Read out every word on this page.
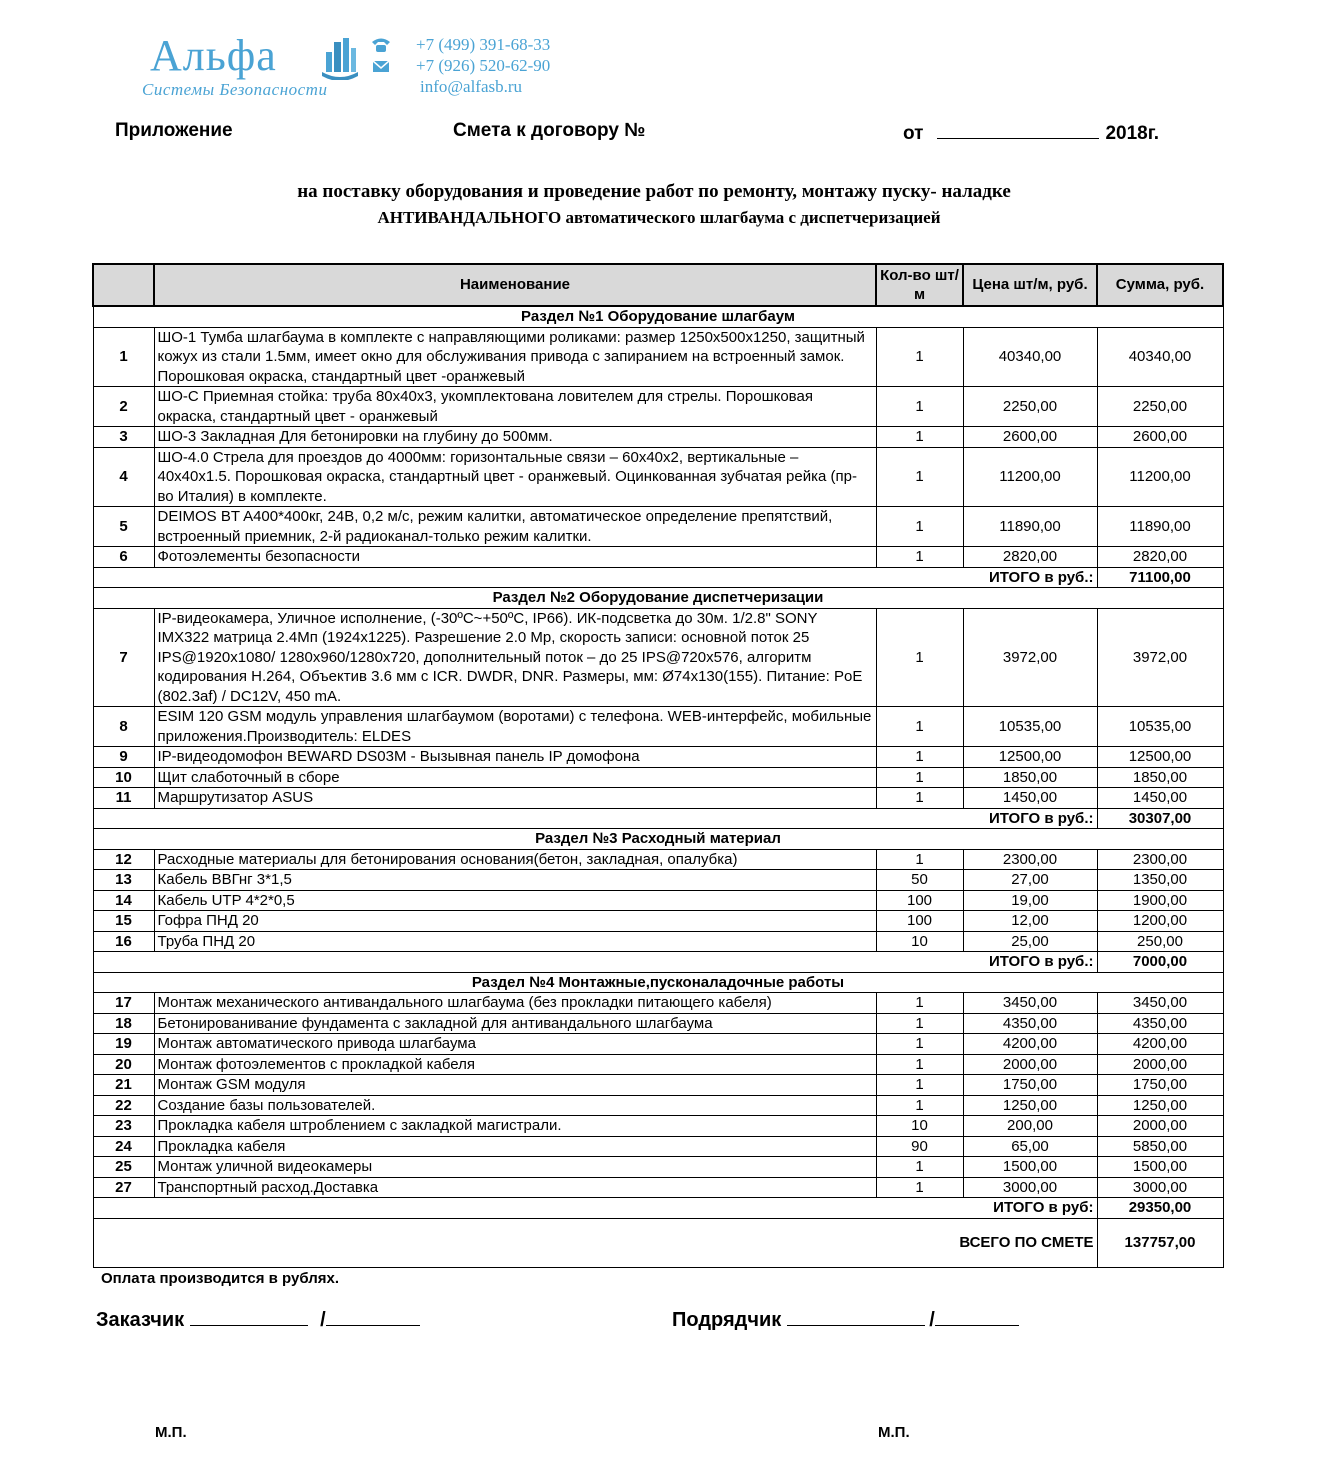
Альфа
Системы Безопасности
+7 (499) 391-68-33
+7 (926) 520-62-90
info@alfasb.ru
Приложение	Смета к договору №	от	2018г.
на поставку оборудования и проведение работ по ремонту, монтажу пуску- наладке
АНТИВАНДАЛЬНОГО автоматического шлагбаума с диспетчеризацией
	Наименование	Кол-во шт/м	Цена шт/м, руб.	Сумма, руб.
Раздел №1 Оборудование шлагбаум				
1	ШО-1 Тумба шлагбаума в комплекте с направляющими роликами: размер 1250х500х1250, защитный кожух из стали 1.5мм, имеет окно для обслуживания привода с запиранием на встроенный замок. Порошковая окраска, стандартный цвет -оранжевый	1	40340,00	40340,00
2	ШО-С Приемная стойка: труба 80х40х3, укомплектована ловителем для стрелы. Порошковая окраска, стандартный цвет - оранжевый	1	2250,00	2250,00
3	ШО-3 Закладная Для бетонировки на глубину до 500мм.	1	2600,00	2600,00
4	ШО-4.0 Стрела для проездов до 4000мм: горизонтальные связи – 60х40х2, вертикальные – 40х40х1.5. Порошковая окраска, стандартный цвет - оранжевый. Оцинкованная зубчатая рейка (пр-во Италия) в комплекте.	1	11200,00	11200,00
5	DEIMOS BT A400*400кг, 24В, 0,2 м/с, режим калитки, автоматическое определение препятствий, встроенный приемник, 2-й радиоканал-только режим калитки.	1	11890,00	11890,00
6	Фотоэлементы безопасности	1	2820,00	2820,00
ИТОГО в руб.:				71100,00
Раздел №2 Оборудование диспетчеризации				
7	IP-видеокамера, Уличное исполнение, (-30ºС~+50ºС, IP66). ИК-подсветка до 30м. 1/2.8" SONY IMX322 матрица 2.4Мп (1924x1225). Разрешение 2.0 Mp, скорость записи: основной поток 25 IPS@1920x1080/ 1280x960/1280x720, дополнительный поток – до 25 IPS@720x576, алгоритм кодирования H.264, Объектив 3.6 мм с ICR. DWDR, DNR. Размеры, мм: Ø74x130(155). Питание: PoE (802.3af) / DC12V, 450 mA.	1	3972,00	3972,00
8	ESIM 120 GSM модуль управления шлагбаумом (воротами) с телефона. WEB-интерфейс, мобильные приложения.Производитель: ELDES	1	10535,00	10535,00
9	IP-видеодомофон BEWARD DS03M - Вызывная панель IP домофона	1	12500,00	12500,00
10	Щит слаботочный в сборе	1	1850,00	1850,00
11	Маршрутизатор ASUS	1	1450,00	1450,00
ИТОГО в руб.:				30307,00
Раздел №3 Расходный материал				
12	Расходные материалы для бетонирования основания(бетон, закладная, опалубка)	1	2300,00	2300,00
13	Кабель ВВГнг 3*1,5	50	27,00	1350,00
14	Кабель UTP 4*2*0,5	100	19,00	1900,00
15	Гофра ПНД 20	100	12,00	1200,00
16	Труба ПНД 20	10	25,00	250,00
ИТОГО в руб.:				7000,00
Раздел №4 Монтажные,пусконаладочные работы				
17	Монтаж механического антивандального шлагбаума (без прокладки питающего кабеля)	1	3450,00	3450,00
18	Бетонированивание фундамента с закладной для антивандального шлагбаума	1	4350,00	4350,00
19	Монтаж автоматического привода шлагбаума	1	4200,00	4200,00
20	Монтаж фотоэлементов с прокладкой кабеля	1	2000,00	2000,00
21	Монтаж GSM модуля	1	1750,00	1750,00
22	Создание базы пользователей.	1	1250,00	1250,00
23	Прокладка кабеля штроблением с закладкой магистрали.	10	200,00	2000,00
24	Прокладка кабеля	90	65,00	5850,00
25	Монтаж уличной видеокамеры	1	1500,00	1500,00
27	Транспортный расход.Доставка	1	3000,00	3000,00
ИТОГО в руб:				29350,00
ВСЕГО ПО СМЕТЕ				137757,00
Оплата производится в рублях.
Заказчик	/	Подрядчик	/
М.П.	М.П.
